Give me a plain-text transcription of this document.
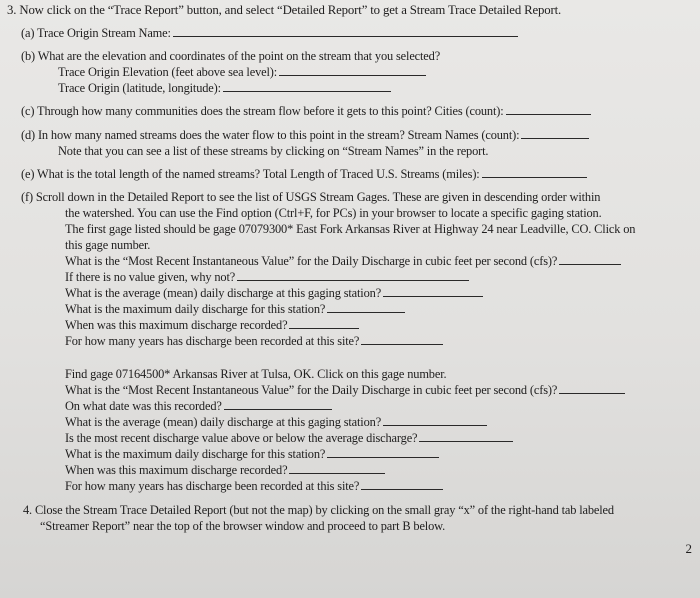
3. Now click on the “Trace Report” button, and select “Detailed Report” to get a Stream Trace Detailed Report.
(a) Trace Origin Stream Name:
(b) What are the elevation and coordinates of the point on the stream that you selected?
Trace Origin Elevation (feet above sea level):
Trace Origin (latitude, longitude):
(c) Through how many communities does the stream flow before it gets to this point? Cities (count):
(d) In how many named streams does the water flow to this point in the stream? Stream Names (count):
Note that you can see a list of these streams by clicking on “Stream Names” in the report.
(e) What is the total length of the named streams? Total Length of Traced U.S. Streams (miles):
(f) Scroll down in the Detailed Report to see the list of USGS Stream Gages. These are given in descending order within
the watershed. You can use the Find option (Ctrl+F, for PCs) in your browser to locate a specific gaging station.
The first gage listed should be gage 07079300* East Fork Arkansas River at Highway 24 near Leadville, CO. Click on
this gage number.
What is the “Most Recent Instantaneous Value” for the Daily Discharge in cubic feet per second (cfs)?
If there is no value given, why not?
What is the average (mean) daily discharge at this gaging station?
What is the maximum daily discharge for this station?
When was this maximum discharge recorded?
For how many years has discharge been recorded at this site?
Find gage 07164500* Arkansas River at Tulsa, OK. Click on this gage number.
What is the “Most Recent Instantaneous Value” for the Daily Discharge in cubic feet per second (cfs)?
On what date was this recorded?
What is the average (mean) daily discharge at this gaging station?
Is the most recent discharge value above or below the average discharge?
What is the maximum daily discharge for this station?
When was this maximum discharge recorded?
For how many years has discharge been recorded at this site?
4. Close the Stream Trace Detailed Report (but not the map) by clicking on the small gray “x” of the right-hand tab labeled
“Streamer Report” near the top of the browser window and proceed to part B below.
2
